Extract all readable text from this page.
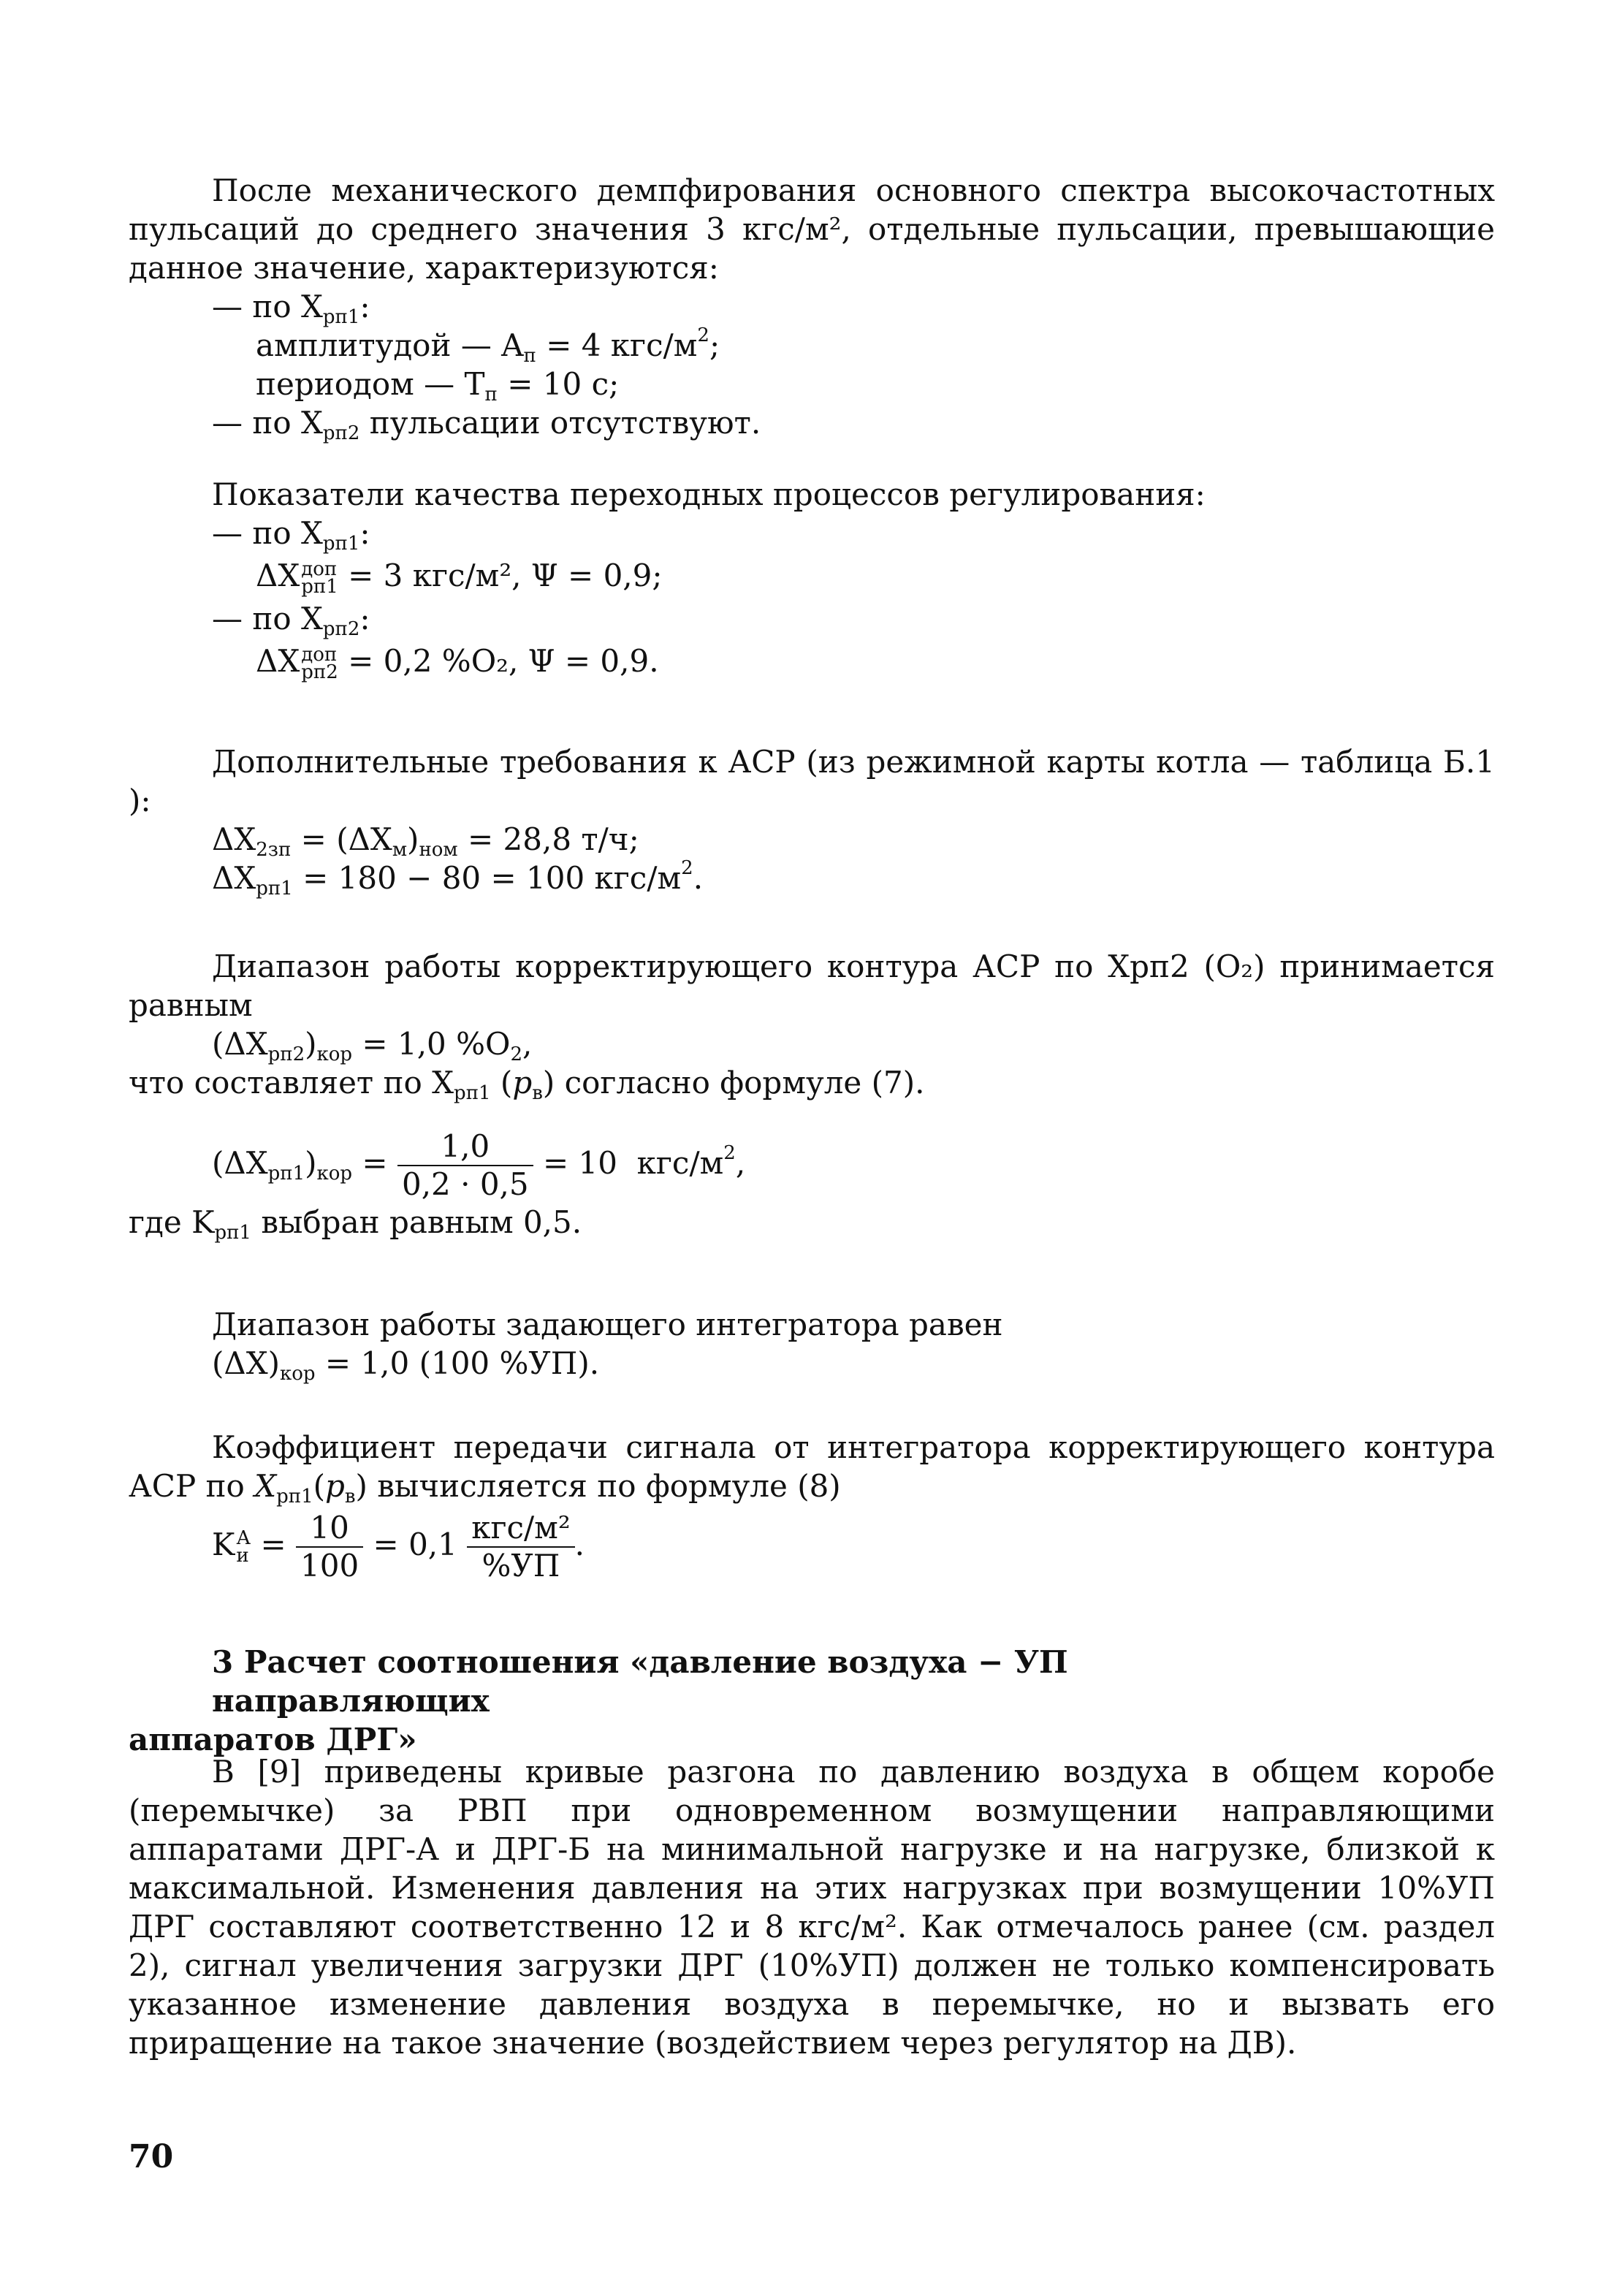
После механического демпфирования основного спектра высокочастотных пульсаций до среднего значения 3 кгс/м², отдельные пульсации, превышающие данное значение, характеризуются:

— по $X_{рп1}$:

амплитудой — $A_п = 4$ кгс/$м^2$;

периодом — $T_п = 10$ с;

— по $X_{рп2}$ пульсации отсутствуют.

Показатели качества переходных процессов регулирования:

— по $X_{рп1}$:

ΔX доп
рп1 = 3 кгс/м², Ψ = 0,9;

— по $X_{рп2}$:

ΔX доп
рп2 = 0,2 %O₂, Ψ = 0,9.

Дополнительные требования к АСР (из режимной карты котла — таблица Б.1 ):

$\Delta X_{2зп} = (\Delta X_м)_{ном} = 28,8$ т/ч;

$\Delta X_{рп1} = 180 - 80 = 100$ кгс/$м^2$.

Диапазон работы корректирующего контура АСР по Xрп2 (O₂) принимается равным

$(\Delta X_{рп2})_{кор} = 1,0$ $\%O_2$,

что составляет по $X_{рп1}$ $(p_в)$ согласно формуле (7).

$(\Delta X_{рп1})_{кор} = \frac{1,0}{0,2 \cdot 0,5} = 10$  кгс/$м^2$,

где $K_{рп1}$ выбран равным 0,5.

Диапазон работы задающего интегратора равен

$(\Delta X)_{кор} = 1,0$ (100 %УП).

Коэффициент передачи сигнала от интегратора корректирующего контура АСР по $X_{рп1}(p_в)$ вычисляется по формуле (8)

K А
$и = \frac{10}{100} = 0,1 \frac{\text{кгс/м²}}{\%УП}$ .

3 Расчет соотношения «давление воздуха − УП направляющих

аппаратов ДРГ»

В [9] приведены кривые разгона по давлению воздуха в общем коробе (перемычке) за РВП при одновременном возмущении направляющими аппаратами ДРГ-А и ДРГ-Б на минимальной нагрузке и на нагрузке, близкой к максимальной. Изменения давления на этих нагрузках при возмущении 10%УП ДРГ составляют соответственно 12 и 8 кгс/м². Как отмечалось ранее (см. раздел 2), сигнал увеличения загрузки ДРГ (10%УП) должен не только компенсировать указанное изменение давления воздуха в перемычке, но и вызвать его приращение на такое значение (воздействием через регулятор на ДВ).

70
